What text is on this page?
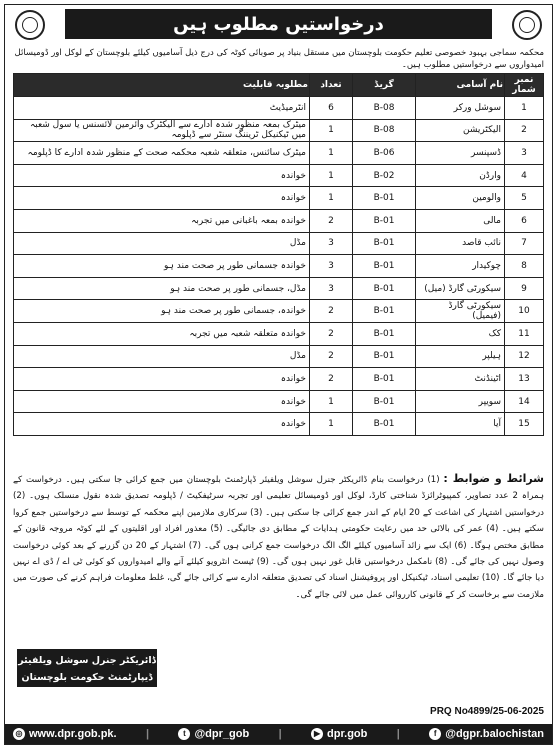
درخواستیں مطلوب ہیں
محکمہ سماجی بہبود خصوصی تعلیم حکومت بلوچستان میں مستقل بنیاد پر صوبائی کوٹہ کی درج ذیل آسامیوں کیلئے بلوچستان کے لوکل اور ڈومیسائل امیدواروں سے درخواستیں مطلوب ہیں۔
نمبر شمار	نام آسامی	گریڈ	تعداد	مطلوبہ قابلیت
1	سوشل ورکر	B-08	6	انٹرمیڈیٹ
2	الیکٹریشن	B-08	1	میٹرک بمعہ منظور شدہ ادارے سے الیکٹرک وائرمین لائسنس یا سول شعبہ میں ٹیکنیکل ٹریننگ سنٹر سے ڈپلومہ
3	ڈسپنسر	B-06	1	میٹرک سائنس، متعلقہ شعبہ محکمہ صحت کے منظور شدہ ادارے کا ڈپلومہ
4	وارڈن	B-02	1	خواندہ
5	والومین	B-01	1	خواندہ
6	مالی	B-01	2	خواندہ بمعہ باغبانی میں تجربہ
7	نائب قاصد	B-01	3	مڈل
8	چوکیدار	B-01	3	خواندہ جسمانی طور پر صحت مند ہو
9	سیکورٹی گارڈ (میل)	B-01	3	مڈل، جسمانی طور پر صحت مند ہو
10	سیکورٹی گارڈ (فیمیل)	B-01	2	خواندہ، جسمانی طور پر صحت مند ہو
11	کک	B-01	2	خواندہ متعلقہ شعبہ میں تجربہ
12	ہیلپر	B-01	2	مڈل
13	اٹینڈنٹ	B-01	2	خواندہ
14	سویپر	B-01	1	خواندہ
15	آیا	B-01	1	خواندہ
شرائط و ضوابط : (1) درخواست بنام ڈائریکٹر جنرل سوشل ویلفیئر ڈپارٹمنٹ بلوچستان میں جمع کرائی جا سکتی ہیں۔ درخواست کے ہمراہ 2 عدد تصاویر، کمپیوٹرائزڈ شناختی کارڈ، لوکل اور ڈومیسائل تعلیمی اور تجربہ سرٹیفکیٹ / ڈپلومہ تصدیق شدہ نقول منسلک ہوں۔ (2) درخواستیں اشتہار کی اشاعت کے 20 ایام کے اندر جمع کرائی جا سکتی ہیں۔ (3) سرکاری ملازمین اپنے محکمہ کے توسط سے درخواستیں جمع کروا سکتے ہیں۔ (4) عمر کی بالائی حد میں رعایت حکومتی ہدایات کے مطابق دی جائیگی۔ (5) معذور افراد اور اقلیتوں کے لئے کوٹہ مروجہ قانون کے مطابق مختص ہوگا۔ (6) ایک سے زائد آسامیوں کیلئے الگ الگ درخواست جمع کرانی ہوں گی۔ (7) اشتہار کے 20 دن گزرنے کے بعد کوئی درخواست وصول نہیں کی جائے گی۔ (8) نامکمل درخواستیں قابل غور نہیں ہوں گی۔ (9) ٹیسٹ انٹرویو کیلئے آنے والے امیدواروں کو کوئی ٹی اے / ڈی اے نہیں دیا جائے گا۔ (10) تعلیمی اسناد، ٹیکنیکل اور پروفیشنل اسناد کی تصدیق متعلقہ ادارے سے کرائی جائے گی، غلط معلومات فراہم کرنے کی صورت میں ملازمت سے برخاست کر کے قانونی کارروائی عمل میں لائی جائے گی۔
ڈائریکٹر جنرل سوشل ویلفیئر
ڈیپارٹمنٹ حکومت بلوچستان
PRQ No4899/25-06-2025
◎ www.dpr.gob.pk.	|	t @dpr_gob	|	▶ dpr.gob	|	f @dgpr.balochistan
